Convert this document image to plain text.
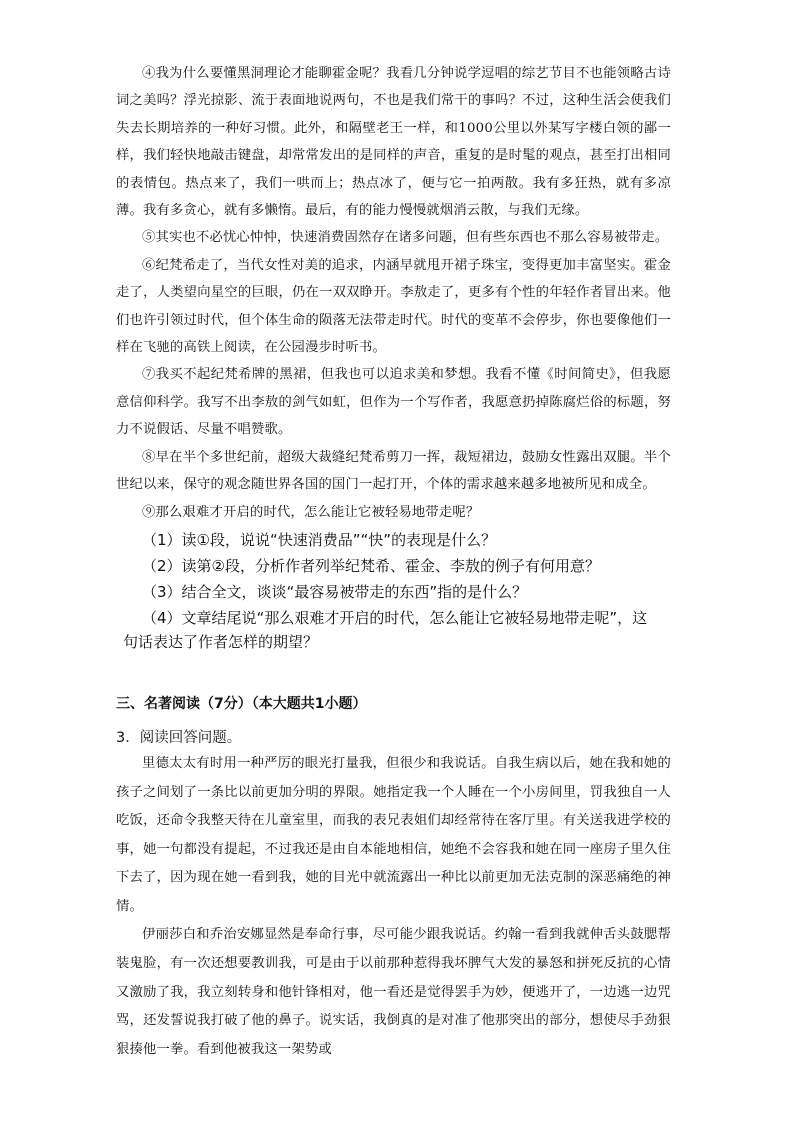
④我为什么要懂黑洞理论才能聊霍金呢？我看几分钟说学逗唱的综艺节目不也能领略古诗词之美吗？浮光掠影、流于表面地说两句，不也是我们常干的事吗？不过，这种生活会使我们失去长期培养的一种好习惯。此外，和隔壁老王一样，和1000公里以外某写字楼白领的鄙一样，我们轻快地敲击键盘，却常常发出的是同样的声音，重复的是时髦的观点，甚至打出相同的表情包。热点来了，我们一哄而上；热点冰了，便与它一拍两散。我有多狂热，就有多凉薄。我有多贪心，就有多懒惰。最后，有的能力慢慢就烟消云散，与我们无缘。

⑤其实也不必忧心忡忡，快速消费固然存在诸多问题，但有些东西也不那么容易被带走。

⑥纪梵希走了，当代女性对美的追求，内涵早就甩开裙子珠宝，变得更加丰富坚实。霍金走了，人类望向星空的巨眼，仍在一双双睁开。李敖走了，更多有个性的年轻作者冒出来。他们也许引领过时代，但个体生命的陨落无法带走时代。时代的变革不会停步，你也要像他们一样在飞驰的高铁上阅读，在公园漫步时听书。

⑦我买不起纪梵希牌的黑裙，但我也可以追求美和梦想。我看不懂《时间简史》，但我愿意信仰科学。我写不出李敖的剑气如虹，但作为一个写作者，我愿意扔掉陈腐烂俗的标题，努力不说假话、尽量不唱赞歌。

⑧早在半个多世纪前，超级大裁缝纪梵希剪刀一挥，裁短裙边，鼓励女性露出双腿。半个世纪以来，保守的观念随世界各国的国门一起打开，个体的需求越来越多地被所见和成全。

⑨那么艰难才开启的时代，怎么能让它被轻易地带走呢？

（1）读①段，说说“快速消费品”“快”的表现是什么？

（2）读第②段，分析作者列举纪梵希、霍金、李敖的例子有何用意？

（3）结合全文，谈谈“最容易被带走的东西”指的是什么？

（4）文章结尾说“那么艰难才开启的时代，怎么能让它被轻易地带走呢”，这
句话表达了作者怎样的期望？

三、名著阅读（7分）（本大题共1小题）

3．阅读回答问题。

里德太太有时用一种严厉的眼光打量我，但很少和我说话。自我生病以后，她在我和她的孩子之间划了一条比以前更加分明的界限。她指定我一个人睡在一个小房间里，罚我独自一人吃饭，还命令我整天待在儿童室里，而我的表兄表姐们却经常待在客厅里。有关送我进学校的事，她一句都没有提起，不过我还是由自本能地相信，她绝不会容我和她在同一座房子里久住下去了，因为现在她一看到我，她的目光中就流露出一种比以前更加无法克制的深恶痛绝的神情。

伊丽莎白和乔治安娜显然是奉命行事，尽可能少跟我说话。约翰一看到我就伸舌头鼓腮帮装鬼脸，有一次还想要教训我，可是由于以前那种惹得我坏脾气大发的暴怒和拼死反抗的心情又激励了我，我立刻转身和他针锋相对，他一看还是觉得罢手为妙，便逃开了，一边逃一边咒骂，还发誓说我打破了他的鼻子。说实话，我倒真的是对准了他那突出的部分，想使尽手劲狠狠揍他一拳。看到他被我这一架势或
